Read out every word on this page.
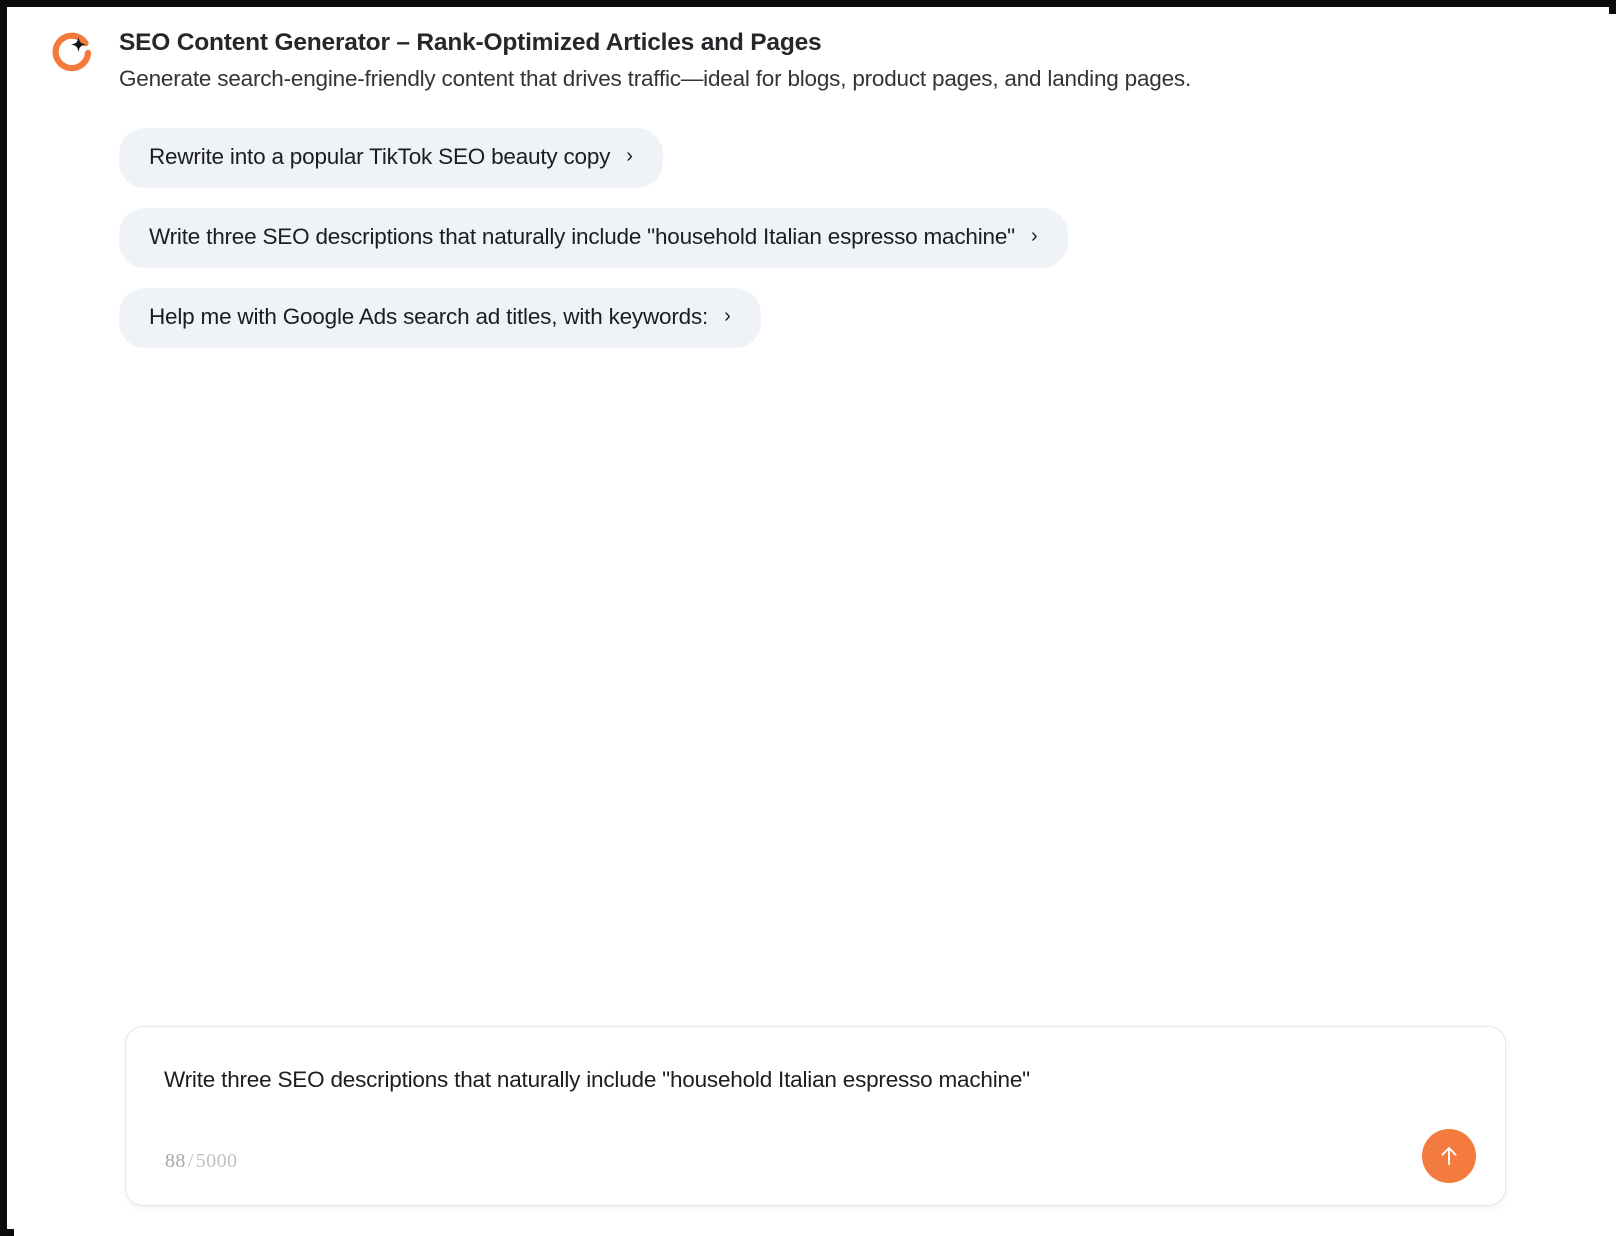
SEO Content Generator – Rank-Optimized Articles and Pages
Generate search-engine-friendly content that drives traffic—ideal for blogs, product pages, and landing pages.
Rewrite into a popular TikTok SEO beauty copy ›
Write three SEO descriptions that naturally include "household Italian espresso machine" ›
Help me with Google Ads search ad titles, with keywords: ›
Write three SEO descriptions that naturally include "household Italian espresso machine"
88 / 5000
